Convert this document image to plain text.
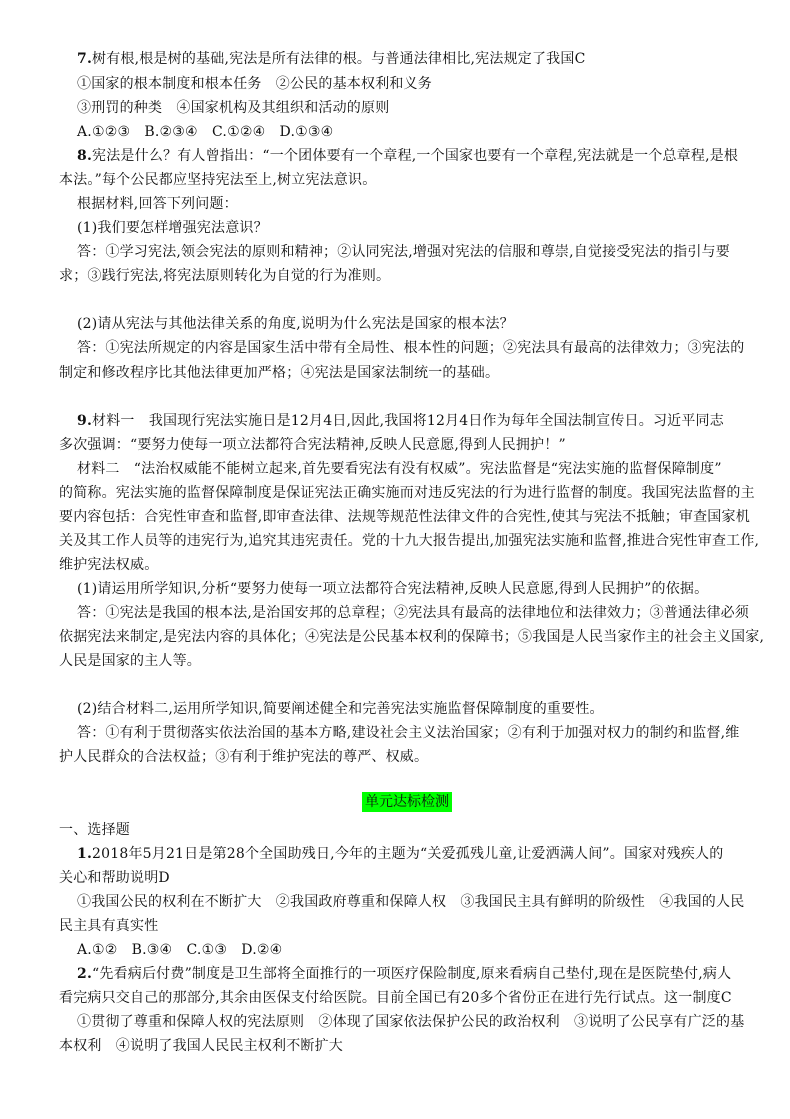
7.树有根,根是树的基础,宪法是所有法律的根。与普通法律相比,宪法规定了我国C
①国家的根本制度和根本任务　②公民的基本权利和义务
③刑罚的种类　④国家机构及其组织和活动的原则
A.①②③　B.②③④　C.①②④　D.①③④
8.宪法是什么？有人曾指出：“一个团体要有一个章程,一个国家也要有一个章程,宪法就是一个总章程,是根
本法。”每个公民都应坚持宪法至上,树立宪法意识。
根据材料,回答下列问题：
(1)我们要怎样增强宪法意识？
答：①学习宪法,领会宪法的原则和精神；②认同宪法,增强对宪法的信服和尊崇,自觉接受宪法的指引与要
求；③践行宪法,将宪法原则转化为自觉的行为准则。
(2)请从宪法与其他法律关系的角度,说明为什么宪法是国家的根本法？
答：①宪法所规定的内容是国家生活中带有全局性、根本性的问题；②宪法具有最高的法律效力；③宪法的
制定和修改程序比其他法律更加严格；④宪法是国家法制统一的基础。
9.材料一　我国现行宪法实施日是12月4日,因此,我国将12月4日作为每年全国法制宣传日。习近平同志
多次强调：“要努力使每一项立法都符合宪法精神,反映人民意愿,得到人民拥护！”
材料二　“法治权威能不能树立起来,首先要看宪法有没有权威”。宪法监督是“宪法实施的监督保障制度”
的简称。宪法实施的监督保障制度是保证宪法正确实施而对违反宪法的行为进行监督的制度。我国宪法监督的主
要内容包括：合宪性审查和监督,即审查法律、法规等规范性法律文件的合宪性,使其与宪法不抵触；审查国家机
关及其工作人员等的违宪行为,追究其违宪责任。党的十九大报告提出,加强宪法实施和监督,推进合宪性审查工作,
维护宪法权威。
(1)请运用所学知识,分析“要努力使每一项立法都符合宪法精神,反映人民意愿,得到人民拥护”的依据。
答：①宪法是我国的根本法,是治国安邦的总章程；②宪法具有最高的法律地位和法律效力；③普通法律必须
依据宪法来制定,是宪法内容的具体化；④宪法是公民基本权利的保障书；⑤我国是人民当家作主的社会主义国家,
人民是国家的主人等。
(2)结合材料二,运用所学知识,简要阐述健全和完善宪法实施监督保障制度的重要性。
答：①有利于贯彻落实依法治国的基本方略,建设社会主义法治国家；②有利于加强对权力的制约和监督,维
护人民群众的合法权益；③有利于维护宪法的尊严、权威。
单元达标检测
一、选择题
1.2018年5月21日是第28个全国助残日,今年的主题为“关爱孤残儿童,让爱洒满人间”。国家对残疾人的
关心和帮助说明D
①我国公民的权利在不断扩大　②我国政府尊重和保障人权　③我国民主具有鲜明的阶级性　④我国的人民
民主具有真实性
A.①②　B.③④　C.①③　D.②④
2.“先看病后付费”制度是卫生部将全面推行的一项医疗保险制度,原来看病自己垫付,现在是医院垫付,病人
看完病只交自己的那部分,其余由医保支付给医院。目前全国已有20多个省份正在进行先行试点。这一制度C
①贯彻了尊重和保障人权的宪法原则　②体现了国家依法保护公民的政治权利　③说明了公民享有广泛的基
本权利　④说明了我国人民民主权利不断扩大
